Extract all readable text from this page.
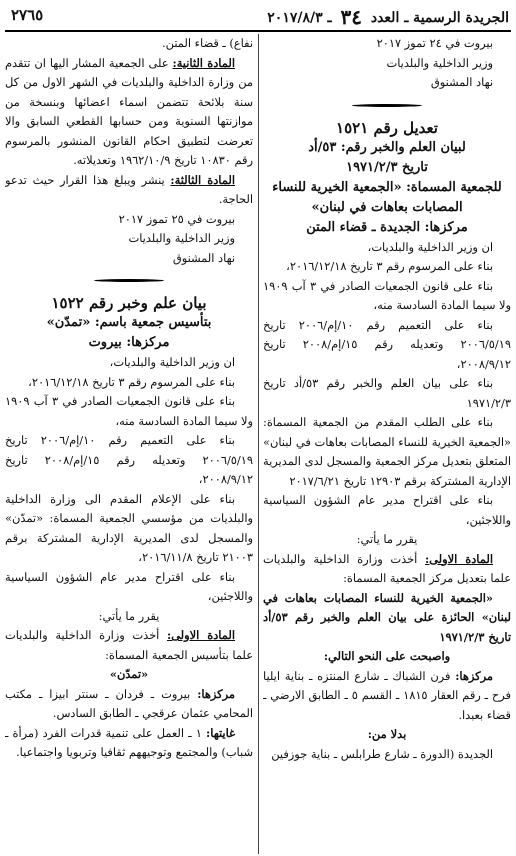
٢٧٦٥	الجريدة الرسمية ـ العدد ٣٤ ـ ٢٠١٧/٨/٣

بيروت في ٢٤ تموز ٢٠١٧

وزير الداخلية والبلديات

نهاد المشنوق

تعديل رقم ١٥٢١

لبيان العلم والخبر رقم: ٥٣/أد

تاريخ ١٩٧١/٢/٣

للجمعية المسماة: «الجمعية الخيرية للنساء المصابات بعاهات في لبنان»

مركزها: الجديدة ـ قضاء المتن

ان وزير الداخلية والبلديات،

بناء على المرسوم رقم ٣ تاريخ ٢٠١٦/١٢/١٨،

بناء على قانون الجمعيات الصادر في ٣ آب ١٩٠٩ ولا سيما المادة السادسة منه،

بناء على التعميم رقم ١٠/إم/٢٠٠٦ تاريخ ٢٠٠٦/٥/١٩ وتعديله رقم ١٥/إم/٢٠٠٨ تاريخ ٢٠٠٨/٩/١٢،

بناء على بيان العلم والخبر رقم ٥٣/أد تاريخ ١٩٧١/٢/٣

بناء على الطلب المقدم من الجمعية المسماة: «الجمعية الخيرية للنساء المصابات بعاهات في لبنان» المتعلق بتعديل مركز الجمعية والمسجل لدى المديرية الإدارية المشتركة برقم ١٢٩٠٣ تاريخ ٢٠١٧/٦/٢١

بناء على اقتراح مدير عام الشؤون السياسية واللاجئين،

يقرر ما يأتي:

المادة الاولى: أخذت وزارة الداخلية والبلديات علما بتعديل مركز الجمعية المسماة:

«الجمعية الخيرية للنساء المصابات بعاهات في لبنان» الحائزة على بيان العلم والخبر رقم ٥٣/أد تاريخ ١٩٧١/٢/٣

واصبحت على النحو التالي:

مركزها: فرن الشباك ـ شارع المنتزه ـ بناية ايليا فرح ـ رقم العقار ١٨١٥ ـ القسم ٥ ـ الطابق الارضي ـ قضاء بعبدا.

بدلا من:

الجديدة (الدورة ـ شارع طرابلس ـ بناية جوزفين

نفاع) ـ قضاء المتن.

المادة الثانية: على الجمعية المشار اليها ان تتقدم من وزارة الداخلية والبلديات في الشهر الاول من كل سنة بلائحة تتضمن اسماء اعضائها وبنسخة من موازنتها السنوية ومن حسابها القطعي السابق والا تعرضت لتطبيق احكام القانون المنشور بالمرسوم رقم ١٠٨٣٠ تاريخ ١٩٦٢/١٠/٩ وتعديلاته.

المادة الثالثة: ينشر ويبلغ هذا القرار حيث تدعو الحاجة.

بيروت في ٢٥ تموز ٢٠١٧

وزير الداخلية والبلديات

نهاد المشنوق

بيان علم وخبر رقم ١٥٢٢

بتأسيس جمعية باسم: «تمدّن»

مركزها: بيروت

ان وزير الداخلية والبلديات،

بناء على المرسوم رقم ٣ تاريخ ٢٠١٦/١٢/١٨،

بناء على قانون الجمعيات الصادر في ٣ آب ١٩٠٩ ولا سيما المادة السادسة منه،

بناء على التعميم رقم ١٠/إم/٢٠٠٦ تاريخ ٢٠٠٦/٥/١٩ وتعديله رقم ١٥/إم/٢٠٠٨ تاريخ ٢٠٠٨/٩/١٢،

بناء على الإعلام المقدم الى وزارة الداخلية والبلديات من مؤسسي الجمعية المسماة: «تمدّن» والمسجل لدى المديرية الإدارية المشتركة برقم ٢١٠٠٣ تاريخ ٢٠١٦/١١/٨،

بناء على اقتراح مدير عام الشؤون السياسية واللاجئين،

يقرر ما يأتي:

المادة الاولى: أخذت وزارة الداخلية والبلديات علما بتأسيس الجمعية المسماة:

«تمدّن»

مركزها: بيروت ـ فردان ـ سنتر ابيزا ـ مكتب المحامي عثمان عرقجي ـ الطابق السادس.

غايتها: ١ ـ العمل على تنمية قدرات الفرد (مرأة ـ شباب) والمجتمع وتوجيههم ثقافيا وتربويا واجتماعيا.
